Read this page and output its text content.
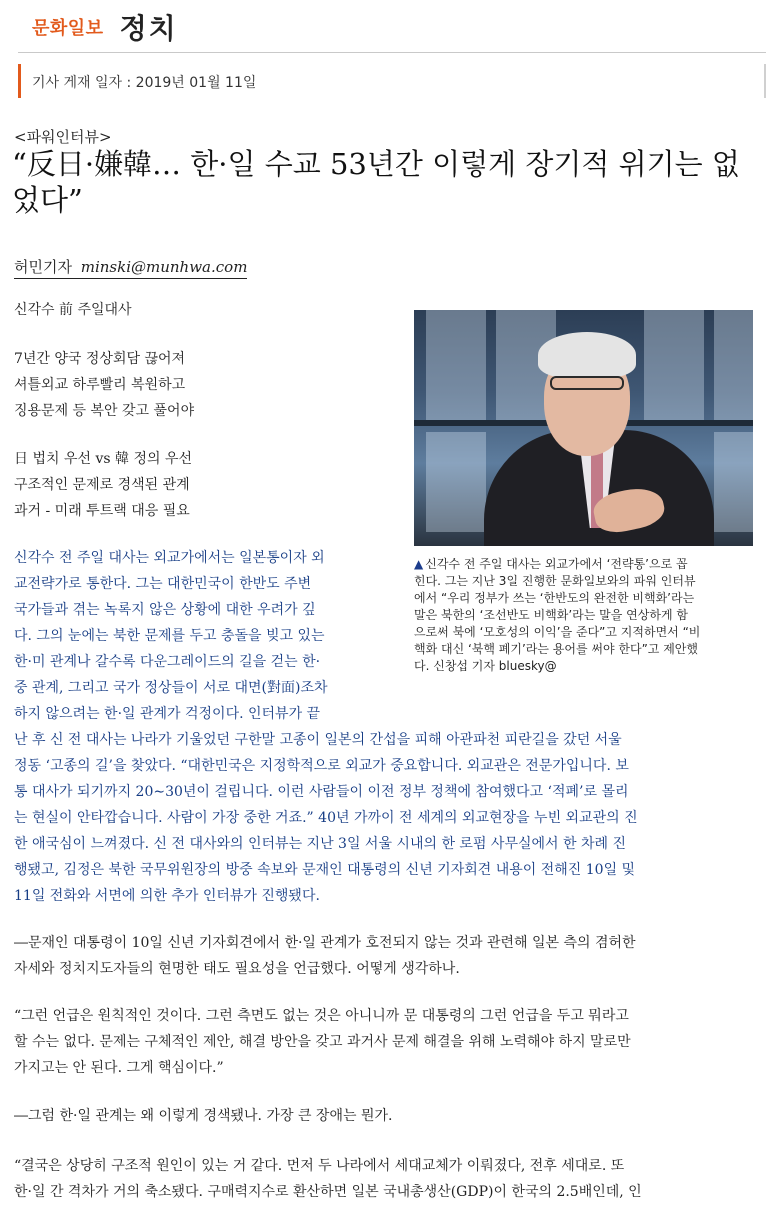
문화일보 정치
기사 게재 일자 : 2019년 01월 11일
<파워인터뷰>
“反日·嫌韓… 한·일 수교 53년간 이렇게 장기적 위기는 없었다”
허민기자 minski@munhwa.com
신각수 前 주일대사
7년간 양국 정상회담 끊어져
셔틀외교 하루빨리 복원하고
징용문제 등 복안 갖고 풀어야
日 법치 우선 vs 韓 정의 우선
구조적인 문제로 경색된 관계
과거 - 미래 투트랙 대응 필요
▲ 신각수 전 주일 대사는 외교가에서 ‘전략통’으로 꼽
힌다. 그는 지난 3일 진행한 문화일보와의 파워 인터뷰
에서 “우리 정부가 쓰는 ‘한반도의 완전한 비핵화’라는
말은 북한의 ‘조선반도 비핵화’라는 말을 연상하게 함
으로써 북에 ‘모호성의 이익’을 준다”고 지적하면서 “비
핵화 대신 ‘북핵 폐기’라는 용어를 써야 한다”고 제안했
다. 신창섭 기자 bluesky@
신각수 전 주일 대사는 외교가에서는 일본통이자 외
교전략가로 통한다. 그는 대한민국이 한반도 주변
국가들과 겪는 녹록지 않은 상황에 대한 우려가 깊
다. 그의 눈에는 북한 문제를 두고 충돌을 빚고 있는
한·미 관계나 갈수록 다운그레이드의 길을 걷는 한·
중 관계, 그리고 국가 정상들이 서로 대면(對面)조차
하지 않으려는 한·일 관계가 걱정이다. 인터뷰가 끝
난 후 신 전 대사는 나라가 기울었던 구한말 고종이 일본의 간섭을 피해 아관파천 피란길을 갔던 서울
정동 ‘고종의 길’을 찾았다. “대한민국은 지정학적으로 외교가 중요합니다. 외교관은 전문가입니다. 보
통 대사가 되기까지 20∼30년이 걸립니다. 이런 사람들이 이전 정부 정책에 참여했다고 ‘적폐’로 몰리
는 현실이 안타깝습니다. 사람이 가장 중한 거죠.” 40년 가까이 전 세계의 외교현장을 누빈 외교관의 진
한 애국심이 느껴졌다. 신 전 대사와의 인터뷰는 지난 3일 서울 시내의 한 로펌 사무실에서 한 차례 진
행됐고, 김정은 북한 국무위원장의 방중 속보와 문재인 대통령의 신년 기자회견 내용이 전해진 10일 및
11일 전화와 서면에 의한 추가 인터뷰가 진행됐다.
―문재인 대통령이 10일 신년 기자회견에서 한·일 관계가 호전되지 않는 것과 관련해 일본 측의 겸허한
자세와 정치지도자들의 현명한 태도 필요성을 언급했다. 어떻게 생각하나.
“그런 언급은 원칙적인 것이다. 그런 측면도 없는 것은 아니니까 문 대통령의 그런 언급을 두고 뭐라고
할 수는 없다. 문제는 구체적인 제안, 해결 방안을 갖고 과거사 문제 해결을 위해 노력해야 하지 말로만
가지고는 안 된다. 그게 핵심이다.”
―그럼 한·일 관계는 왜 이렇게 경색됐나. 가장 큰 장애는 뭔가.
“결국은 상당히 구조적 원인이 있는 거 같다. 먼저 두 나라에서 세대교체가 이뤄졌다, 전후 세대로. 또
한·일 간 격차가 거의 축소됐다. 구매력지수로 환산하면 일본 국내총생산(GDP)이 한국의 2.5배인데, 인
